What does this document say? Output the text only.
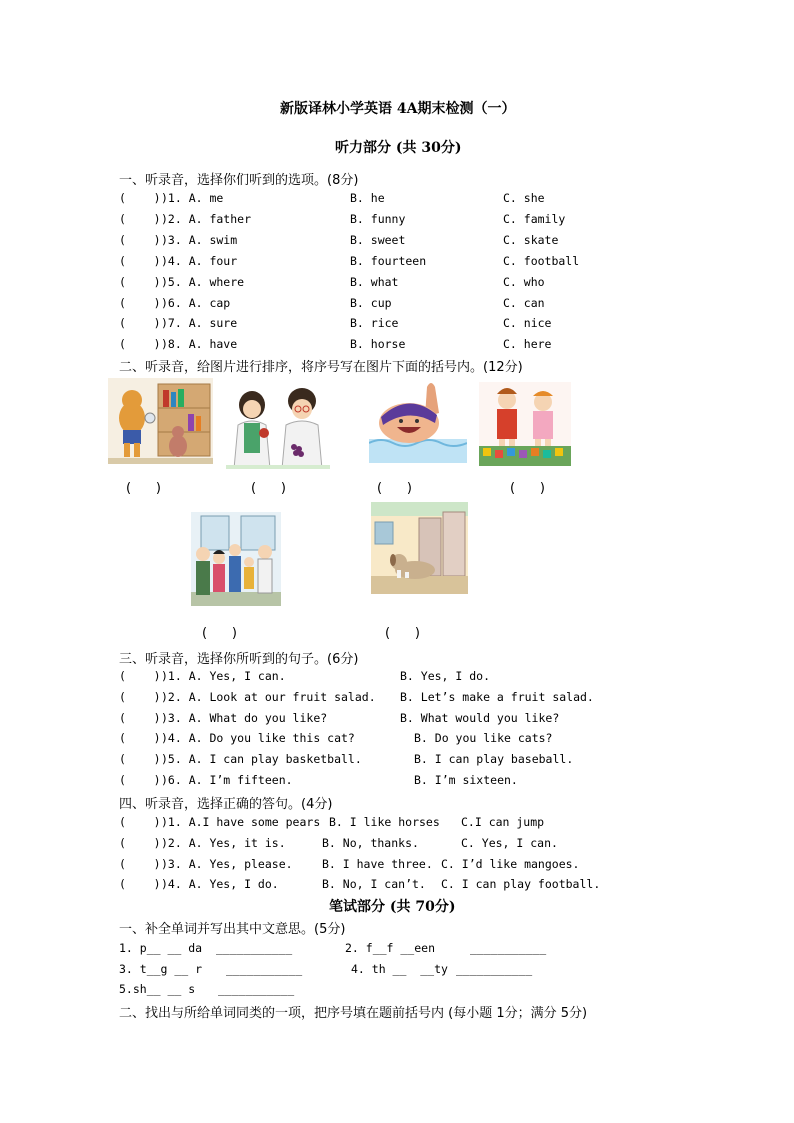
新版译林小学英语 4A期末检测（一）
听力部分 (共 30分)
一、听录音，选择你们听到的选项。(8分)
(    ) )1. A. me	B. he	C. she
(    ) )2. A. father	B. funny	C. family
(    ) )3. A. swim	B. sweet	C. skate
(    ) )4. A. four	B. fourteen	C. football
(    ) )5. A. where	B. what	C. who
(    ) )6. A. cap	B. cup	C. can
(    ) )7. A. sure	B. rice	C. nice
(    ) )8. A. have	B. horse	C. here
二、听录音，给图片进行排序，将序号写在图片下面的括号内。(12分)
(      )	(      )	(      )	(      )
(      )	(      )
三、听录音，选择你所听到的句子。(6分)
(    ) )1. A. Yes, I can.	B. Yes, I do.
(    ) )2. A. Look at our fruit salad. B. Let’s make a fruit salad.
(    ) )3. A. What do you like?	B. What would you like?
(    ) )4. A. Do you like this cat?	B. Do you like cats?
(    ) )5. A. I can play basketball.	B. I can play baseball.
(    ) )6. A. I’m fifteen.	B. I’m sixteen.
四、听录音，选择正确的答句。(4分)
(    ) )1. A.I have some pears B. I like horses C.I can jump
(    ) )2. A. Yes, it is.	B. No, thanks.	C. Yes, I can.
(    ) )3. A. Yes, please.	B. I have three. C. I’d like mangoes.
(    ) )4. A. Yes, I do.	B. No, I can’t. C. I can play football.
笔试部分 (共 70分)
一、补全单词并写出其中文意思。(5分)
1. p__ __ da ___________	2. f__f __een	___________
3. t__g __ r ___________	4. th __  __ty ___________
5.sh__ __ s ___________
二、找出与所给单词同类的一项，把序号填在题前括号内 (每小题 1分；满分 5分)
